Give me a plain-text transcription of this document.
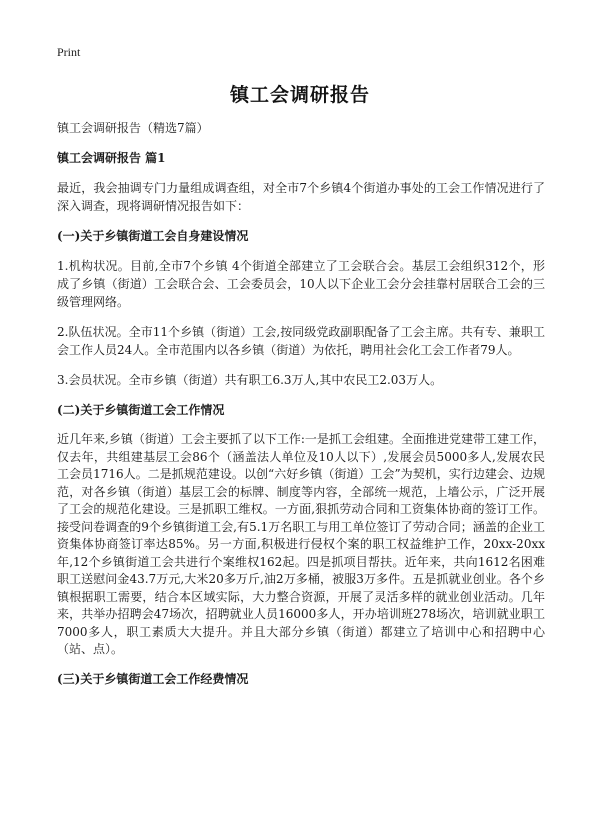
Print
镇工会调研报告

镇工会调研报告（精选7篇）

镇工会调研报告 篇1

最近，我会抽调专门力量组成调查组，对全市7个乡镇4个街道办事处的工会工作情况进行了深入调查，现将调研情况报告如下：

(一)关于乡镇街道工会自身建设情况

1.机构状况。目前,全市7个乡镇 4个街道全部建立了工会联合会。基层工会组织312个，形成了乡镇（街道）工会联合会、工会委员会，10人以下企业工会分会挂靠村居联合工会的三级管理网络。

2.队伍状况。全市11个乡镇（街道）工会,按同级党政副职配备了工会主席。共有专、兼职工会工作人员24人。全市范围内以各乡镇（街道）为依托，聘用社会化工会工作者79人。

3.会员状况。全市乡镇（街道）共有职工6.3万人,其中农民工2.03万人。

(二)关于乡镇街道工会工作情况

近几年来,乡镇（街道）工会主要抓了以下工作:一是抓工会组建。全面推进党建带工建工作，仅去年，共组建基层工会86个（涵盖法人单位及10人以下）,发展会员5000多人,发展农民工会员1716人。二是抓规范建设。以创“六好乡镇（街道）工会”为契机，实行边建会、边规范，对各乡镇（街道）基层工会的标牌、制度等内容，全部统一规范，上墙公示，广泛开展了工会的规范化建设。三是抓职工维权。一方面,狠抓劳动合同和工资集体协商的签订工作。接受问卷调查的9个乡镇街道工会,有5.1万名职工与用工单位签订了劳动合同；涵盖的企业工资集体协商签订率达85%。另一方面,积极进行侵权个案的职工权益维护工作，20xx-20xx年,12个乡镇街道工会共进行个案维权162起。四是抓项目帮扶。近年来，共向1612名困难职工送慰问金43.7万元,大米20多万斤,油2万多桶，被服3万多件。五是抓就业创业。各个乡镇根据职工需要，结合本区域实际，大力整合资源，开展了灵活多样的就业创业活动。几年来，共举办招聘会47场次，招聘就业人员16000多人，开办培训班278场次，培训就业职工7000多人，职工素质大大提升。并且大部分乡镇（街道）都建立了培训中心和招聘中心（站、点）。

(三)关于乡镇街道工会工作经费情况
